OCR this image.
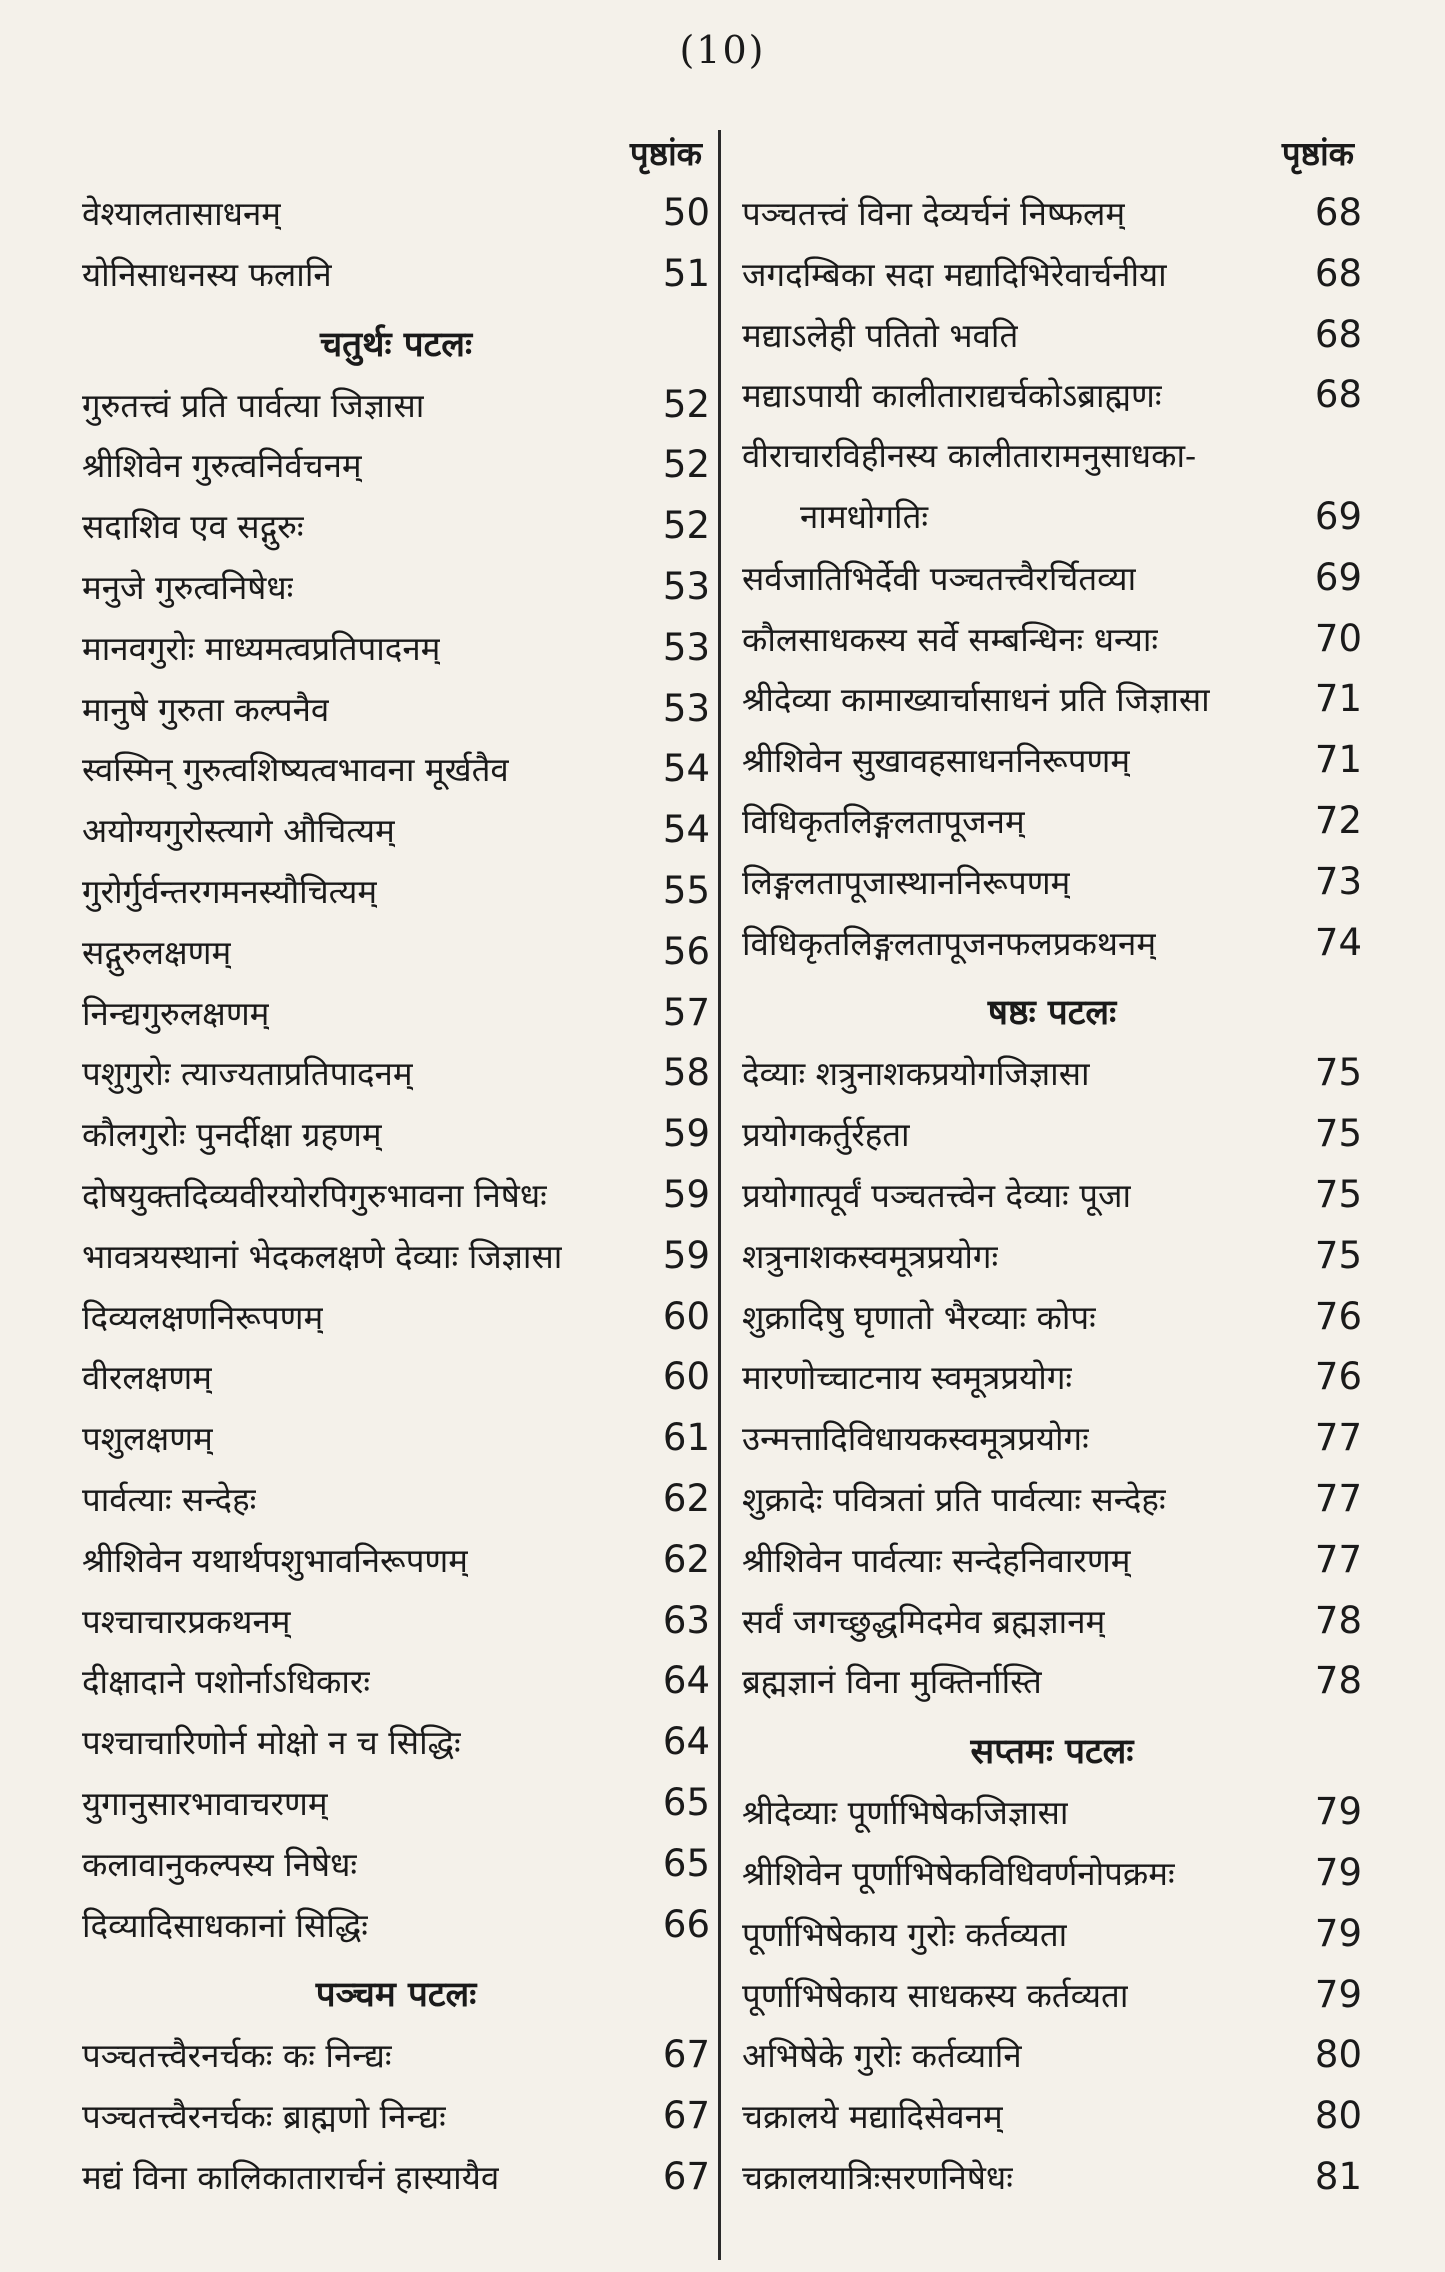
(10)
पृष्ठांक
वेश्यालतासाधनम्	50
योनिसाधनस्य फलानि	51
चतुर्थः पटलः
गुरुतत्त्वं प्रति पार्वत्या जिज्ञासा	52
श्रीशिवेन गुरुत्वनिर्वचनम्	52
सदाशिव एव सद्गुरुः	52
मनुजे गुरुत्वनिषेधः	53
मानवगुरोः माध्यमत्वप्रतिपादनम्	53
मानुषे गुरुता कल्पनैव	53
स्वस्मिन् गुरुत्वशिष्यत्वभावना मूर्खतैव	54
अयोग्यगुरोस्त्यागे औचित्यम्	54
गुरोर्गुर्वन्तरगमनस्यौचित्यम्	55
सद्गुरुलक्षणम्	56
निन्द्यगुरुलक्षणम्	57
पशुगुरोः त्याज्यताप्रतिपादनम्	58
कौलगुरोः पुनर्दीक्षा ग्रहणम्	59
दोषयुक्तदिव्यवीरयोरपिगुरुभावना निषेधः	59
भावत्रयस्थानां भेदकलक्षणे देव्याः जिज्ञासा	59
दिव्यलक्षणनिरूपणम्	60
वीरलक्षणम्	60
पशुलक्षणम्	61
पार्वत्याः सन्देहः	62
श्रीशिवेन यथार्थपशुभावनिरूपणम्	62
पश्चाचारप्रकथनम्	63
दीक्षादाने पशोर्नाऽधिकारः	64
पश्चाचारिणोर्न मोक्षो न च सिद्धिः	64
युगानुसारभावाचरणम्	65
कलावानुकल्पस्य निषेधः	65
दिव्यादिसाधकानां सिद्धिः	66
पञ्चम पटलः
पञ्चतत्त्वैरनर्चकः कः निन्द्यः	67
पञ्चतत्त्वैरनर्चकः ब्राह्मणो निन्द्यः	67
मद्यं विना कालिकातारार्चनं हास्यायैव	67
पृष्ठांक
पञ्चतत्त्वं विना देव्यर्चनं निष्फलम्	68
जगदम्बिका सदा मद्यादिभिरेवार्चनीया	68
मद्याऽलेही पतितो भवति	68
मद्याऽपायी कालीताराद्यर्चकोऽब्राह्मणः	68
वीराचारविहीनस्य कालीतारामनुसाधका-
नामधोगतिः	69
सर्वजातिभिर्देवी पञ्चतत्त्वैरर्चितव्या	69
कौलसाधकस्य सर्वे सम्बन्धिनः धन्याः	70
श्रीदेव्या कामाख्यार्चासाधनं प्रति जिज्ञासा	71
श्रीशिवेन सुखावहसाधननिरूपणम्	71
विधिकृतलिङ्गलतापूजनम्	72
लिङ्गलतापूजास्थाननिरूपणम्	73
विधिकृतलिङ्गलतापूजनफलप्रकथनम्	74
षष्ठः पटलः
देव्याः शत्रुनाशकप्रयोगजिज्ञासा	75
प्रयोगकर्तुर्रहता	75
प्रयोगात्पूर्वं पञ्चतत्त्वेन देव्याः पूजा	75
शत्रुनाशकस्वमूत्रप्रयोगः	75
शुक्रादिषु घृणातो भैरव्याः कोपः	76
मारणोच्चाटनाय स्वमूत्रप्रयोगः	76
उन्मत्तादिविधायकस्वमूत्रप्रयोगः	77
शुक्रादेः पवित्रतां प्रति पार्वत्याः सन्देहः	77
श्रीशिवेन पार्वत्याः सन्देहनिवारणम्	77
सर्वं जगच्छुद्धमिदमेव ब्रह्मज्ञानम्	78
ब्रह्मज्ञानं विना मुक्तिर्नास्ति	78
सप्तमः पटलः
श्रीदेव्याः पूर्णाभिषेकजिज्ञासा	79
श्रीशिवेन पूर्णाभिषेकविधिवर्णनोपक्रमः	79
पूर्णाभिषेकाय गुरोः कर्तव्यता	79
पूर्णाभिषेकाय साधकस्य कर्तव्यता	79
अभिषेके गुरोः कर्तव्यानि	80
चक्रालये मद्यादिसेवनम्	80
चक्रालयात्रिःसरणनिषेधः	81
